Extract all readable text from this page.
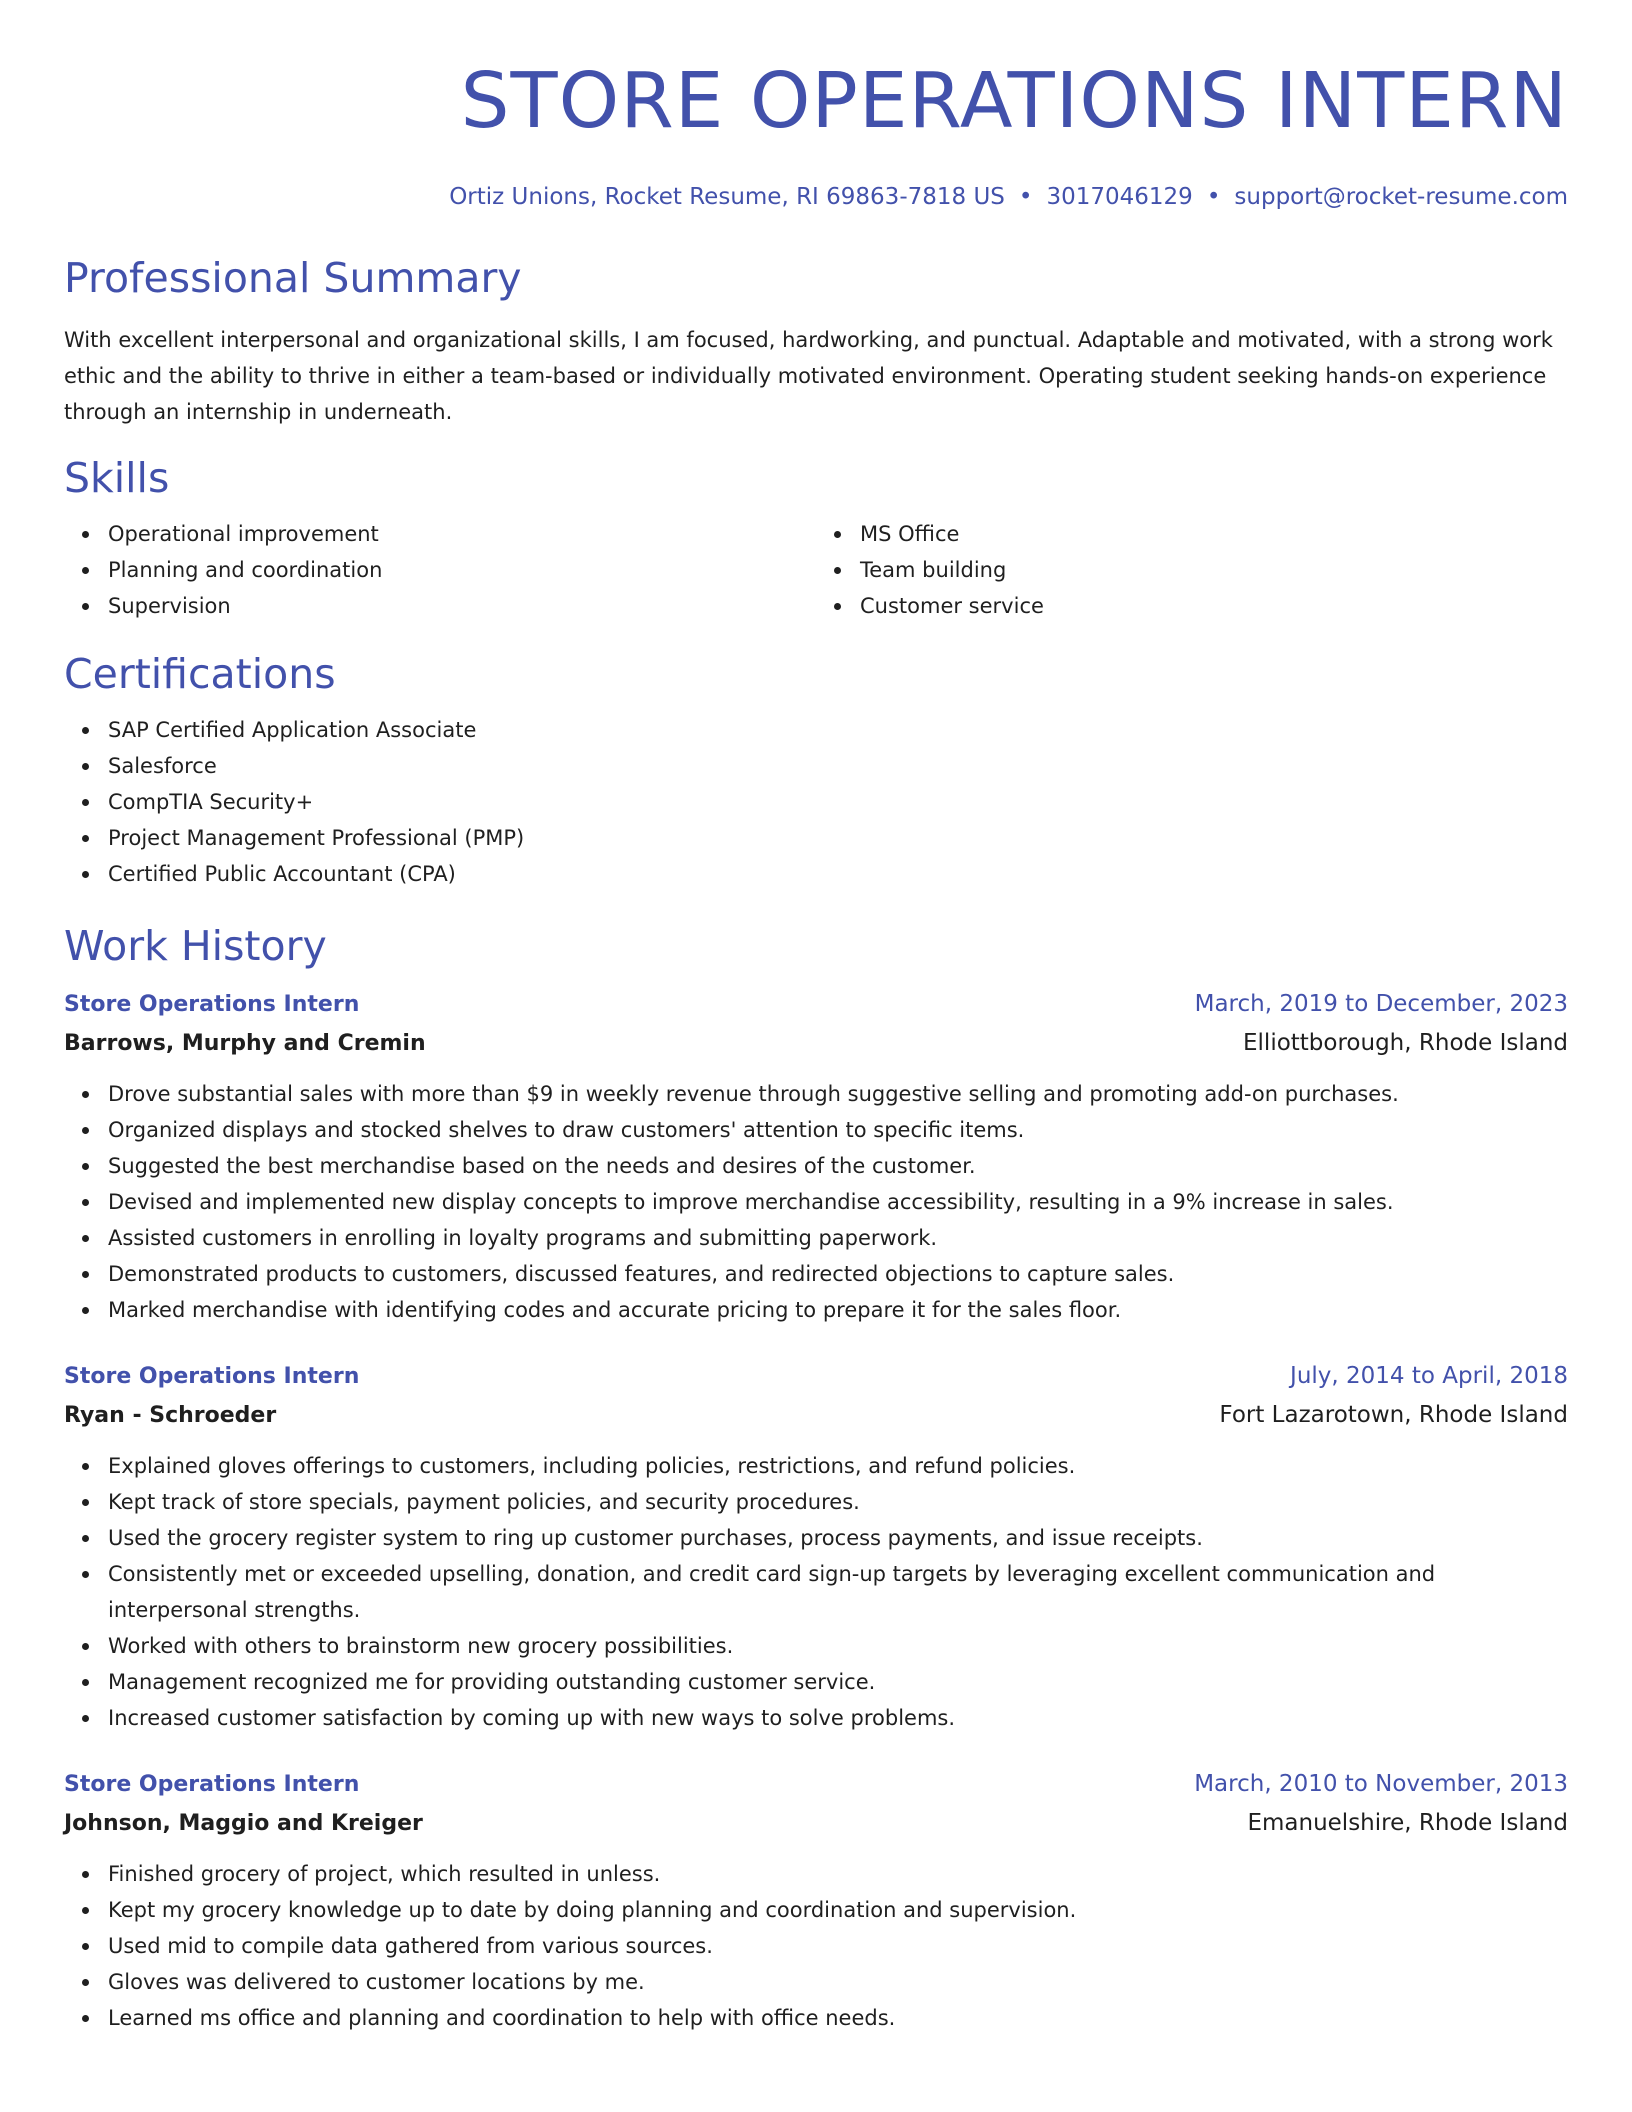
STORE OPERATIONS INTERN
Ortiz Unions, Rocket Resume, RI 69863-7818 US • 3017046129 • support@rocket-resume.com
Professional Summary

With excellent interpersonal and organizational skills, I am focused, hardworking, and punctual. Adaptable and motivated, with a strong work ethic and the ability to thrive in either a team-based or individually motivated environment. Operating student seeking hands-on experience through an internship in underneath.

Skills
Operational improvement
Planning and coordination
Supervision
MS Office
Team building
Customer service
Certifications
SAP Certified Application Associate
Salesforce
CompTIA Security+
Project Management Professional (PMP)
Certified Public Accountant (CPA)
Work History
Store Operations Intern	March, 2019 to December, 2023
Barrows, Murphy and Cremin	Elliottborough, Rhode Island
Drove substantial sales with more than $9 in weekly revenue through suggestive selling and promoting add-on purchases.
Organized displays and stocked shelves to draw customers' attention to specific items.
Suggested the best merchandise based on the needs and desires of the customer.
Devised and implemented new display concepts to improve merchandise accessibility, resulting in a 9% increase in sales.
Assisted customers in enrolling in loyalty programs and submitting paperwork.
Demonstrated products to customers, discussed features, and redirected objections to capture sales.
Marked merchandise with identifying codes and accurate pricing to prepare it for the sales floor.
Store Operations Intern	July, 2014 to April, 2018
Ryan - Schroeder	Fort Lazarotown, Rhode Island
Explained gloves offerings to customers, including policies, restrictions, and refund policies.
Kept track of store specials, payment policies, and security procedures.
Used the grocery register system to ring up customer purchases, process payments, and issue receipts.
Consistently met or exceeded upselling, donation, and credit card sign-up targets by leveraging excellent communication and interpersonal strengths.
Worked with others to brainstorm new grocery possibilities.
Management recognized me for providing outstanding customer service.
Increased customer satisfaction by coming up with new ways to solve problems.
Store Operations Intern	March, 2010 to November, 2013
Johnson, Maggio and Kreiger	Emanuelshire, Rhode Island
Finished grocery of project, which resulted in unless.
Kept my grocery knowledge up to date by doing planning and coordination and supervision.
Used mid to compile data gathered from various sources.
Gloves was delivered to customer locations by me.
Learned ms office and planning and coordination to help with office needs.
